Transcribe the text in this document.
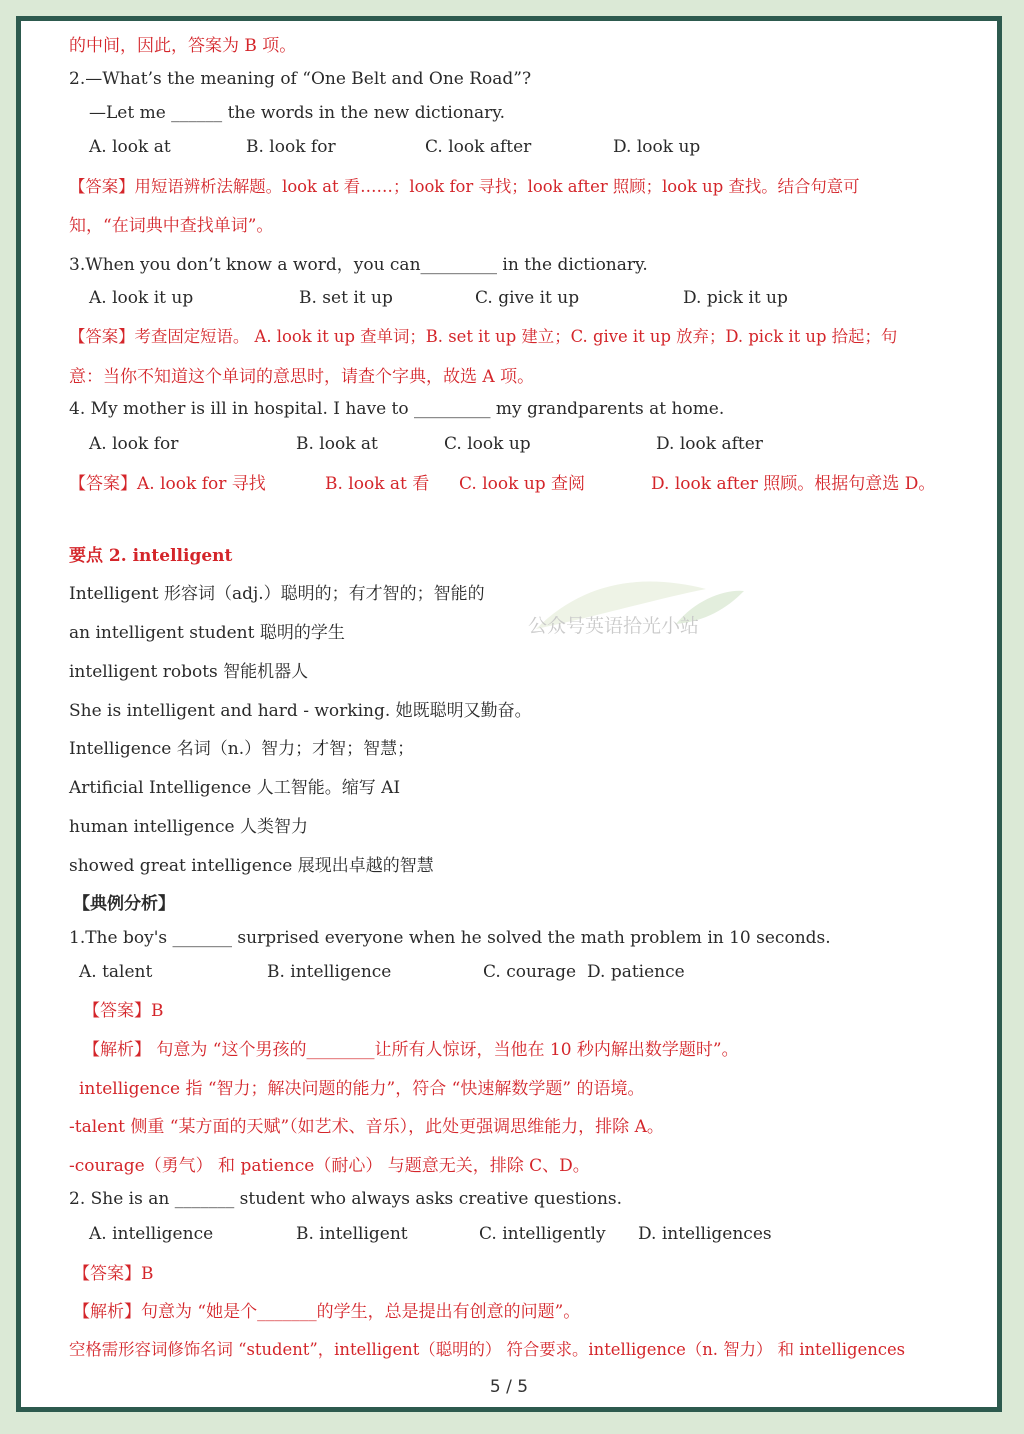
的中间，因此，答案为 B 项。
2.—What’s the meaning of “One Belt and One Road”?
—Let me ______ the words in the new dictionary.
A. look at	B. look for	C. look after	D. look up
【答案】用短语辨析法解题。look at 看……；look for 寻找；look after 照顾；look up 查找。结合句意可
知，“在词典中查找单词”。
3.When you don’t know a word，you can_________ in the dictionary.
A. look it up	B. set it up	C. give it up	D. pick it up
【答案】考查固定短语。 A. look it up 查单词；B. set it up 建立；C. give it up 放弃；D. pick it up 拾起；句
意：当你不知道这个单词的意思时，请查个字典，故选 A 项。
4. My mother is ill in hospital. I have to _________ my grandparents at home.
A. look for	B. look at	C. look up	D. look after
【答案】A. look for 寻找	B. look at 看 C. look up 查阅	D. look after 照顾。根据句意选 D。
公众号英语拾光小站
要点 2. intelligent
Intelligent 形容词（adj.）聪明的；有才智的；智能的
an intelligent student 聪明的学生
intelligent robots 智能机器人
She is intelligent and hard - working. 她既聪明又勤奋。
Intelligence 名词（n.）智力；才智；智慧；
Artificial Intelligence 人工智能。缩写 AI
human intelligence 人类智力
showed great intelligence 展现出卓越的智慧
【典例分析】
1.The boy's _______ surprised everyone when he solved the math problem in 10 seconds.
A. talent	B. intelligence	C. courage D. patience
【答案】B
【解析】 句意为 “这个男孩的________让所有人惊讶，当他在 10 秒内解出数学题时”。
intelligence 指 “智力；解决问题的能力”，符合 “快速解数学题” 的语境。
-talent 侧重 “某方面的天赋”（如艺术、音乐），此处更强调思维能力，排除 A。
-courage（勇气） 和 patience（耐心） 与题意无关，排除 C、D。
2. She is an _______ student who always asks creative questions.
A. intelligence	B. intelligent	C. intelligently D. intelligences
【答案】B
【解析】句意为 “她是个_______的学生，总是提出有创意的问题”。
空格需形容词修饰名词 “student”，intelligent（聪明的） 符合要求。intelligence（n. 智力） 和 intelligences
5 / 5
